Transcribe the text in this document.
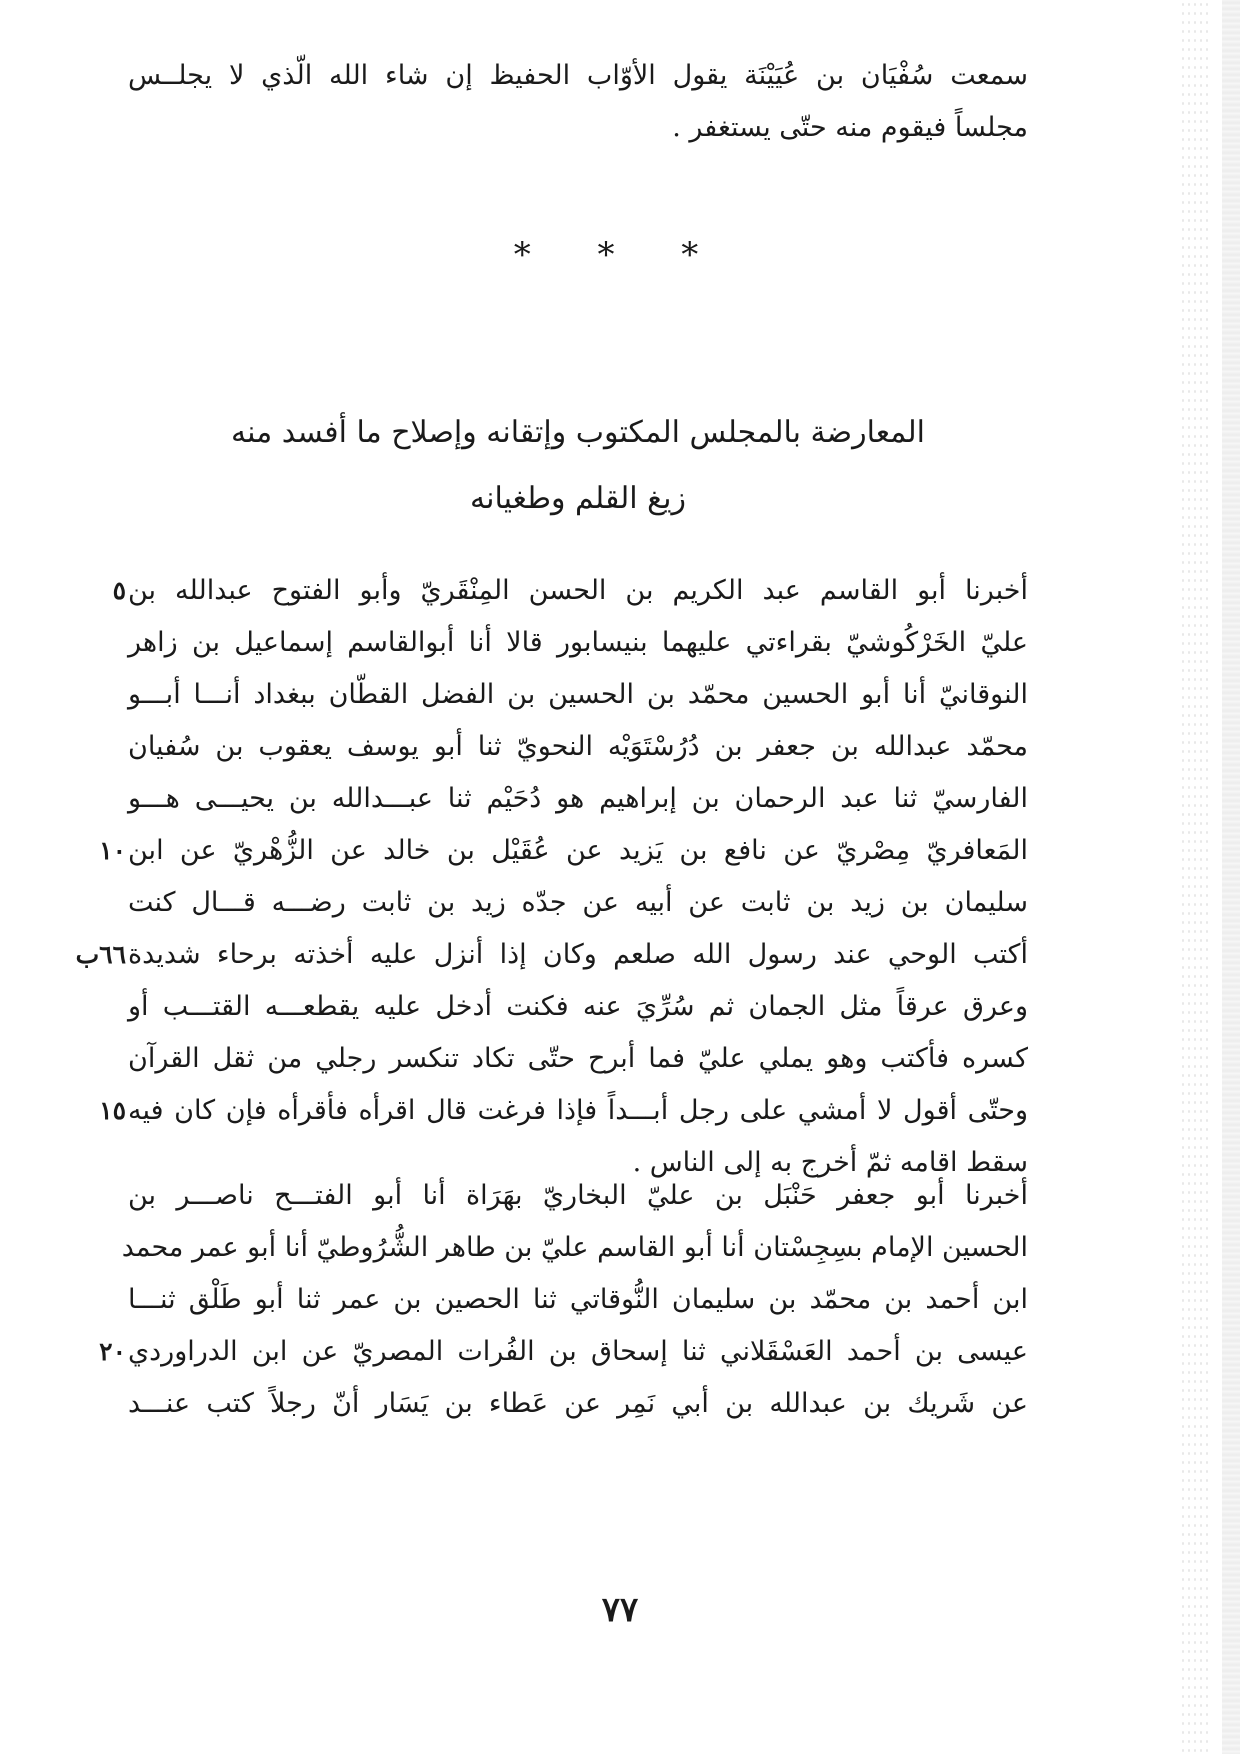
سمعت سُفْيَان بن عُيَيْنَة يقول الأوّاب الحفيظ إن شاء الله الّذي لا يجلــس
مجلساً فيقوم منه حتّى يستغفر .
* * *
المعارضة بالمجلس المكتوب وإتقانه وإصلاح ما أفسد منه
زيغ القلم وطغيانه
أخبرنا أبو القاسم عبد الكريم بن الحسن المِنْقَريّ وأبو الفتوح عبدالله بن
٥
عليّ الخَرْكُوشيّ بقراءتي عليهما بنيسابور قالا أنا أبوالقاسم إسماعيل بن زاهر
النوقانيّ أنا أبو الحسين محمّد بن الحسين بن الفضل القطّان ببغداد أنـــا أبـــو
محمّد عبدالله بن جعفر بن دُرُسْتَوَيْه النحويّ ثنا أبو يوسف يعقوب بن سُفيان
الفارسيّ ثنا عبد الرحمان بن إبراهيم هو دُحَيْم ثنا عبـــدالله بن يحيـــى هـــو
المَعافريّ مِصْريّ عن نافع بن يَزيد عن عُقَيْل بن خالد عن الزُّهْريّ عن ابن
١٠
سليمان بن زيد بن ثابت عن أبيه عن جدّه زيد بن ثابت رضـــه قـــال كنت
أكتب الوحي عند رسول الله صلعم وكان إذا أنزل عليه أخذته برحاء شديدة
٦٦ب
وعرق عرقاً مثل الجمان ثم سُرِّيَ عنه فكنت أدخل عليه يقطعـــه القتـــب أو
كسره فأكتب وهو يملي عليّ فما أبرح حتّى تكاد تنكسر رجلي من ثقل القرآن
وحتّى أقول لا أمشي على رجل أبـــداً فإذا فرغت قال اقرأه فأقرأه فإن كان فيه
١٥
سقط اقامه ثمّ أخرج به إلى الناس .
أخبرنا أبو جعفر حَنْبَل بن عليّ البخاريّ بهَرَاة أنا أبو الفتـــح ناصـــر بن
الحسين الإمام بسِجِسْتان أنا أبو القاسم عليّ بن طاهر الشُّرُوطيّ أنا أبو عمر محمد
ابن أحمد بن محمّد بن سليمان النُّوقاتي ثنا الحصين بن عمر ثنا أبو طَلْق ثنـــا
عيسى بن أحمد العَسْقَلاني ثنا إسحاق بن الفُرات المصريّ عن ابن الدراوردي
٢٠
عن شَريك بن عبدالله بن أبي نَمِر عن عَطاء بن يَسَار أنّ رجلاً كتب عنـــد
٧٧
